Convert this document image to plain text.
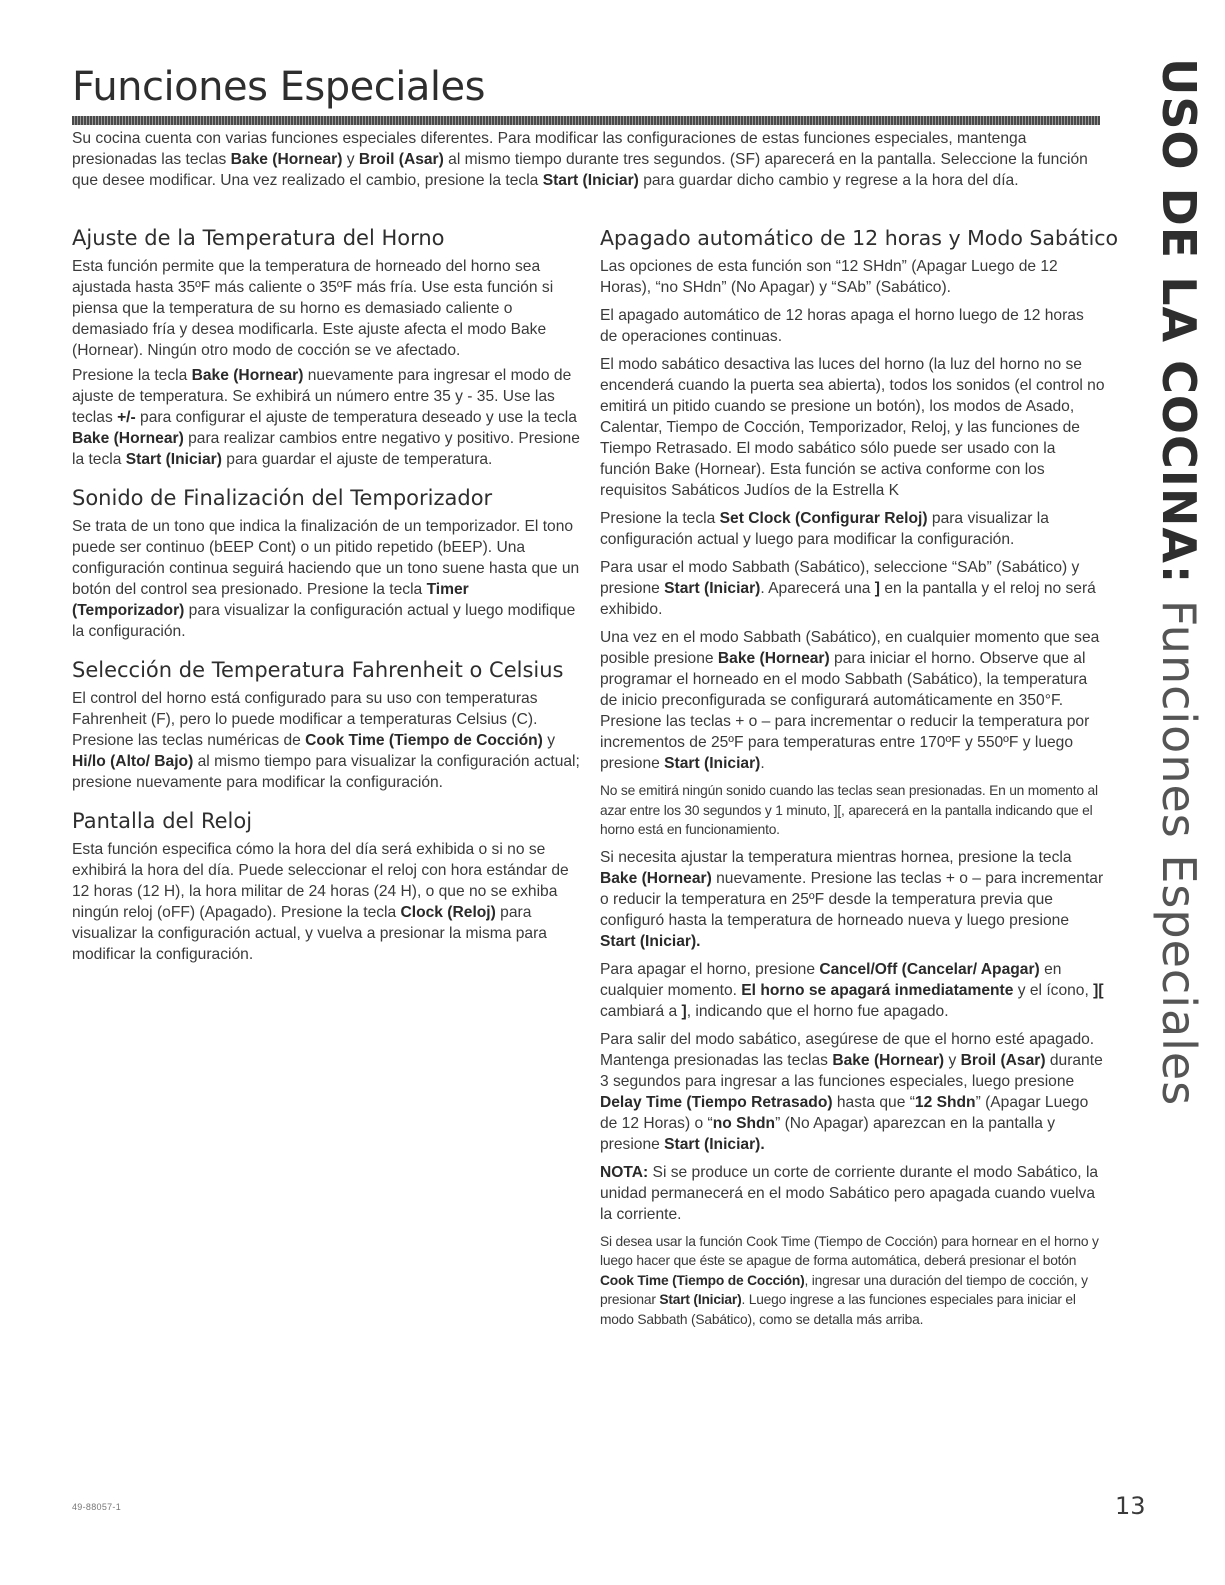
Funciones Especiales

Su cocina cuenta con varias funciones especiales diferentes. Para modificar las configuraciones de estas funciones especiales, mantenga presionadas las teclas Bake (Hornear) y Broil (Asar) al mismo tiempo durante tres segundos. (SF) aparecerá en la pantalla. Seleccione la función que desee modificar. Una vez realizado el cambio, presione la tecla Start (Iniciar) para guardar dicho cambio y regrese a la hora del día.

Ajuste de la Temperatura del Horno

Esta función permite que la temperatura de horneado del horno sea ajustada hasta 35ºF más caliente o 35ºF más fría. Use esta función si piensa que la temperatura de su horno es demasiado caliente o demasiado fría y desea modificarla. Este ajuste afecta el modo Bake (Hornear). Ningún otro modo de cocción se ve afectado.

Presione la tecla Bake (Hornear) nuevamente para ingresar el modo de ajuste de temperatura. Se exhibirá un número entre 35 y - 35. Use las teclas +/- para configurar el ajuste de temperatura deseado y use la tecla Bake (Hornear) para realizar cambios entre negativo y positivo. Presione la tecla Start (Iniciar) para guardar el ajuste de temperatura.

Sonido de Finalización del Temporizador

Se trata de un tono que indica la finalización de un temporizador. El tono puede ser continuo (bEEP Cont) o un pitido repetido (bEEP). Una configuración continua seguirá haciendo que un tono suene hasta que un botón del control sea presionado. Presione la tecla Timer (Temporizador) para visualizar la configuración actual y luego modifique la configuración.

Selección de Temperatura Fahrenheit o Celsius

El control del horno está configurado para su uso con temperaturas Fahrenheit (F), pero lo puede modificar a temperaturas Celsius (C). Presione las teclas numéricas de Cook Time (Tiempo de Cocción) y Hi/lo (Alto/ Bajo) al mismo tiempo para visualizar la configuración actual; presione nuevamente para modificar la configuración.

Pantalla del Reloj

Esta función especifica cómo la hora del día será exhibida o si no se exhibirá la hora del día. Puede seleccionar el reloj con hora estándar de 12 horas (12 H), la hora militar de 24 horas (24 H), o que no se exhiba ningún reloj (oFF) (Apagado). Presione la tecla Clock (Reloj) para visualizar la configuración actual, y vuelva a presionar la misma para modificar la configuración.

Apagado automático de 12 horas y Modo Sabático

Las opciones de esta función son “12 SHdn” (Apagar Luego de 12 Horas), “no SHdn” (No Apagar) y “SAb” (Sabático).

El apagado automático de 12 horas apaga el horno luego de 12 horas de operaciones continuas.

El modo sabático desactiva las luces del horno (la luz del horno no se encenderá cuando la puerta sea abierta), todos los sonidos (el control no emitirá un pitido cuando se presione un botón), los modos de Asado, Calentar, Tiempo de Cocción, Temporizador, Reloj, y las funciones de Tiempo Retrasado. El modo sabático sólo puede ser usado con la función Bake (Hornear). Esta función se activa conforme con los requisitos Sabáticos Judíos de la Estrella K

Presione la tecla Set Clock (Configurar Reloj) para visualizar la configuración actual y luego para modificar la configuración.

Para usar el modo Sabbath (Sabático), seleccione “SAb” (Sabático) y presione Start (Iniciar). Aparecerá una ] en la pantalla y el reloj no será exhibido.

Una vez en el modo Sabbath (Sabático), en cualquier momento que sea posible presione Bake (Hornear) para iniciar el horno. Observe que al programar el horneado en el modo Sabbath (Sabático), la temperatura de inicio preconfigurada se configurará automáticamente en 350°F. Presione las teclas + o – para incrementar o reducir la temperatura por incrementos de 25ºF para temperaturas entre 170ºF y 550ºF y luego presione Start (Iniciar).

No se emitirá ningún sonido cuando las teclas sean presionadas. En un momento al azar entre los 30 segundos y 1 minuto, ][, aparecerá en la pantalla indicando que el horno está en funcionamiento.

Si necesita ajustar la temperatura mientras hornea, presione la tecla Bake (Hornear) nuevamente. Presione las teclas + o – para incrementar o reducir la temperatura en 25ºF desde la temperatura previa que configuró hasta la temperatura de horneado nueva y luego presione Start (Iniciar).

Para apagar el horno, presione Cancel/Off (Cancelar/ Apagar) en cualquier momento. El horno se apagará inmediatamente y el ícono, ][ cambiará a ], indicando que el horno fue apagado.

Para salir del modo sabático, asegúrese de que el horno esté apagado. Mantenga presionadas las teclas Bake (Hornear) y Broil (Asar) durante 3 segundos para ingresar a las funciones especiales, luego presione Delay Time (Tiempo Retrasado) hasta que “12 Shdn” (Apagar Luego de 12 Horas) o “no Shdn” (No Apagar) aparezcan en la pantalla y presione Start (Iniciar).

NOTA: Si se produce un corte de corriente durante el modo Sabático, la unidad permanecerá en el modo Sabático pero apagada cuando vuelva la corriente.

Si desea usar la función Cook Time (Tiempo de Cocción) para hornear en el horno y luego hacer que éste se apague de forma automática, deberá presionar el botón Cook Time (Tiempo de Cocción), ingresar una duración del tiempo de cocción, y presionar Start (Iniciar). Luego ingrese a las funciones especiales para iniciar el modo Sabbath (Sabático), como se detalla más arriba.

USO DE LA COCINA: Funciones Especiales
49-88057-1	13
